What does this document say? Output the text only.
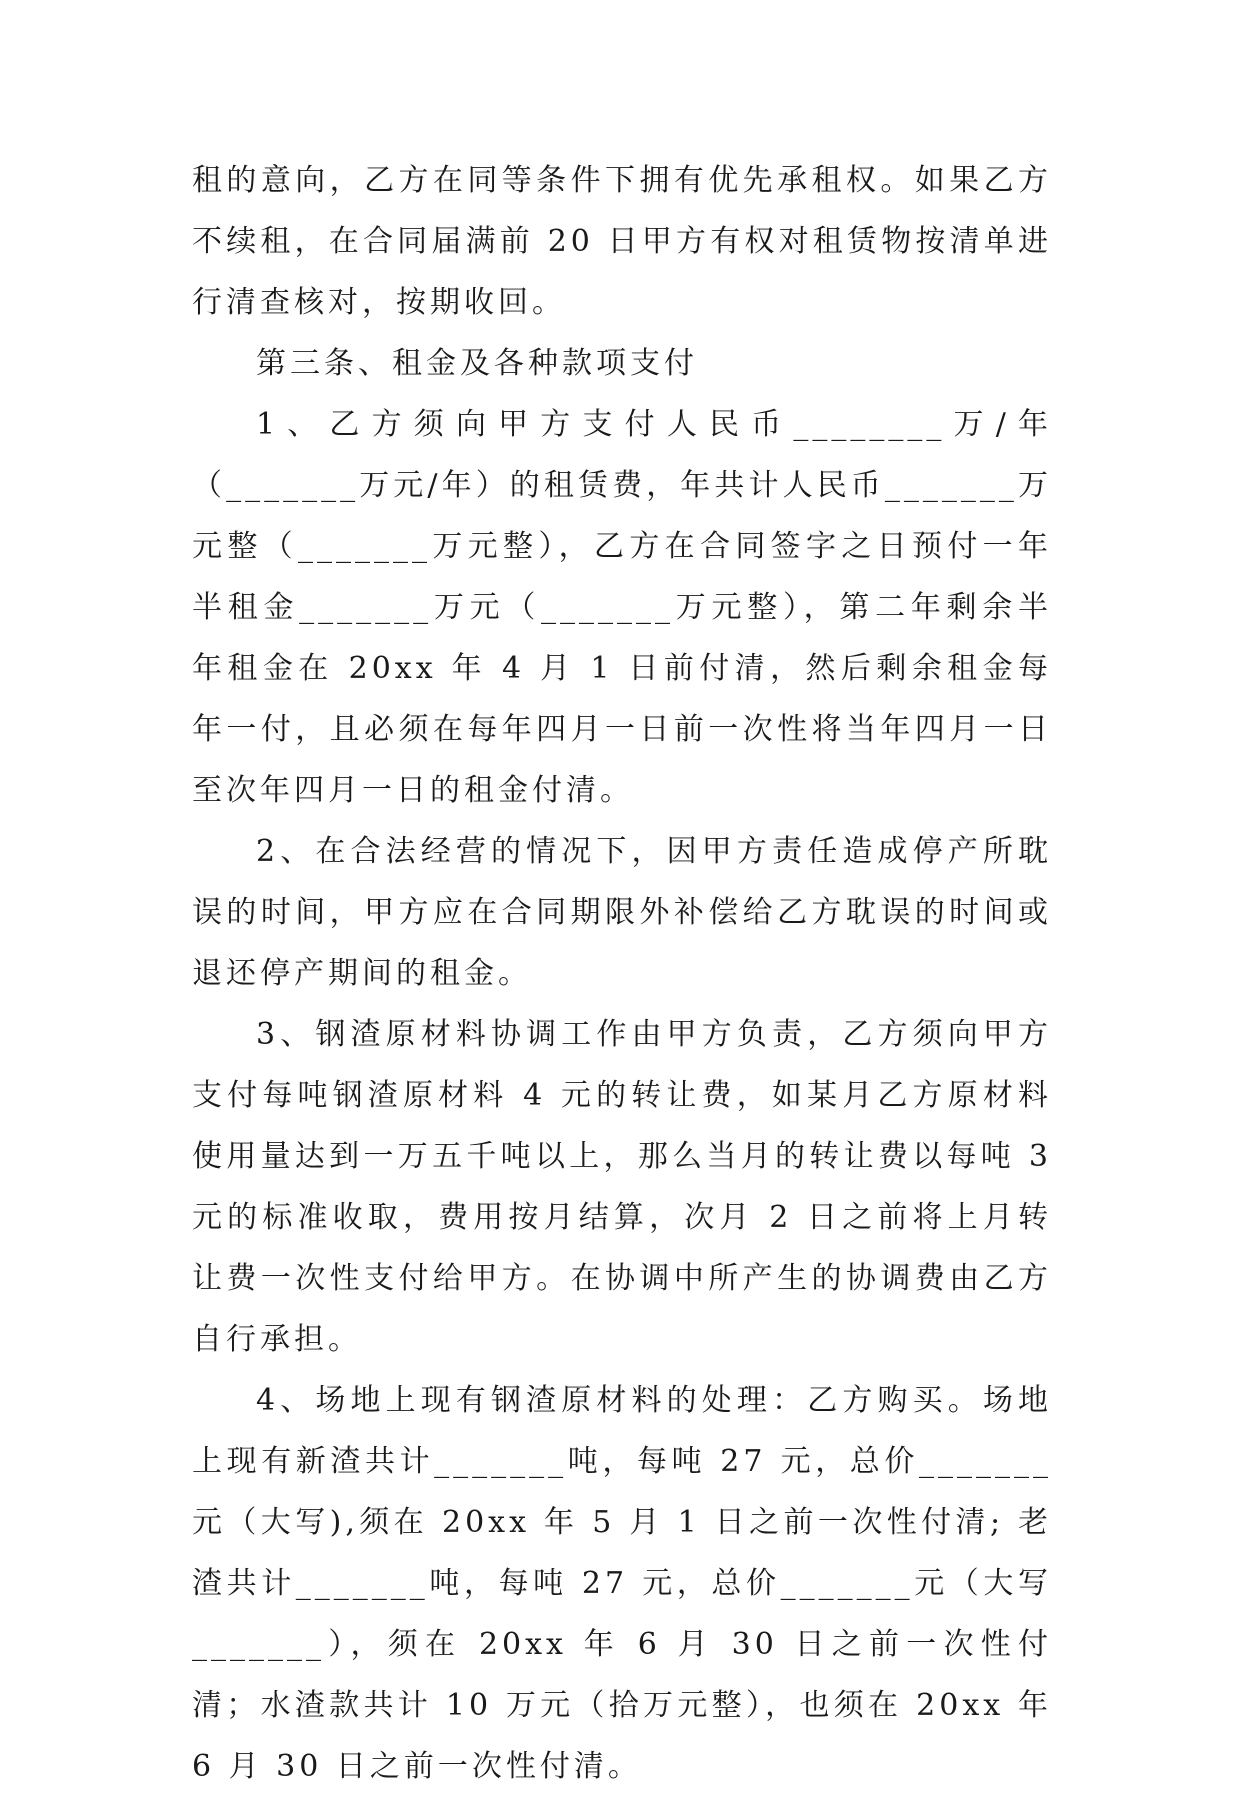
租的意向，乙方在同等条件下拥有优先承租权。如果乙方不续租，在合同届满前 20 日甲方有权对租赁物按清单进行清查核对，按期收回。

第三条、租金及各种款项支付

1、乙方须向甲方支付人民币________万/年（_______万元/年）的租赁费，年共计人民币_______万元整（_______万元整），乙方在合同签字之日预付一年半租金_______万元（_______万元整），第二年剩余半年租金在 20xx 年 4 月 1 日前付清，然后剩余租金每年一付，且必须在每年四月一日前一次性将当年四月一日至次年四月一日的租金付清。

2、在合法经营的情况下，因甲方责任造成停产所耽误的时间，甲方应在合同期限外补偿给乙方耽误的时间或退还停产期间的租金。

3、钢渣原材料协调工作由甲方负责，乙方须向甲方支付每吨钢渣原材料 4 元的转让费，如某月乙方原材料使用量达到一万五千吨以上，那么当月的转让费以每吨 3 元的标准收取，费用按月结算，次月 2 日之前将上月转让费一次性支付给甲方。在协调中所产生的协调费由乙方自行承担。

4、场地上现有钢渣原材料的处理：乙方购买。场地上现有新渣共计_______吨，每吨 27 元，总价_______元（大写),须在 20xx 年 5 月 1 日之前一次性付清; 老渣共计_______吨，每吨 27 元，总价_______元（大写_______），须在 20xx 年 6 月 30 日之前一次性付清；水渣款共计 10 万元（拾万元整），也须在 20xx 年 6 月 30 日之前一次性付清。
